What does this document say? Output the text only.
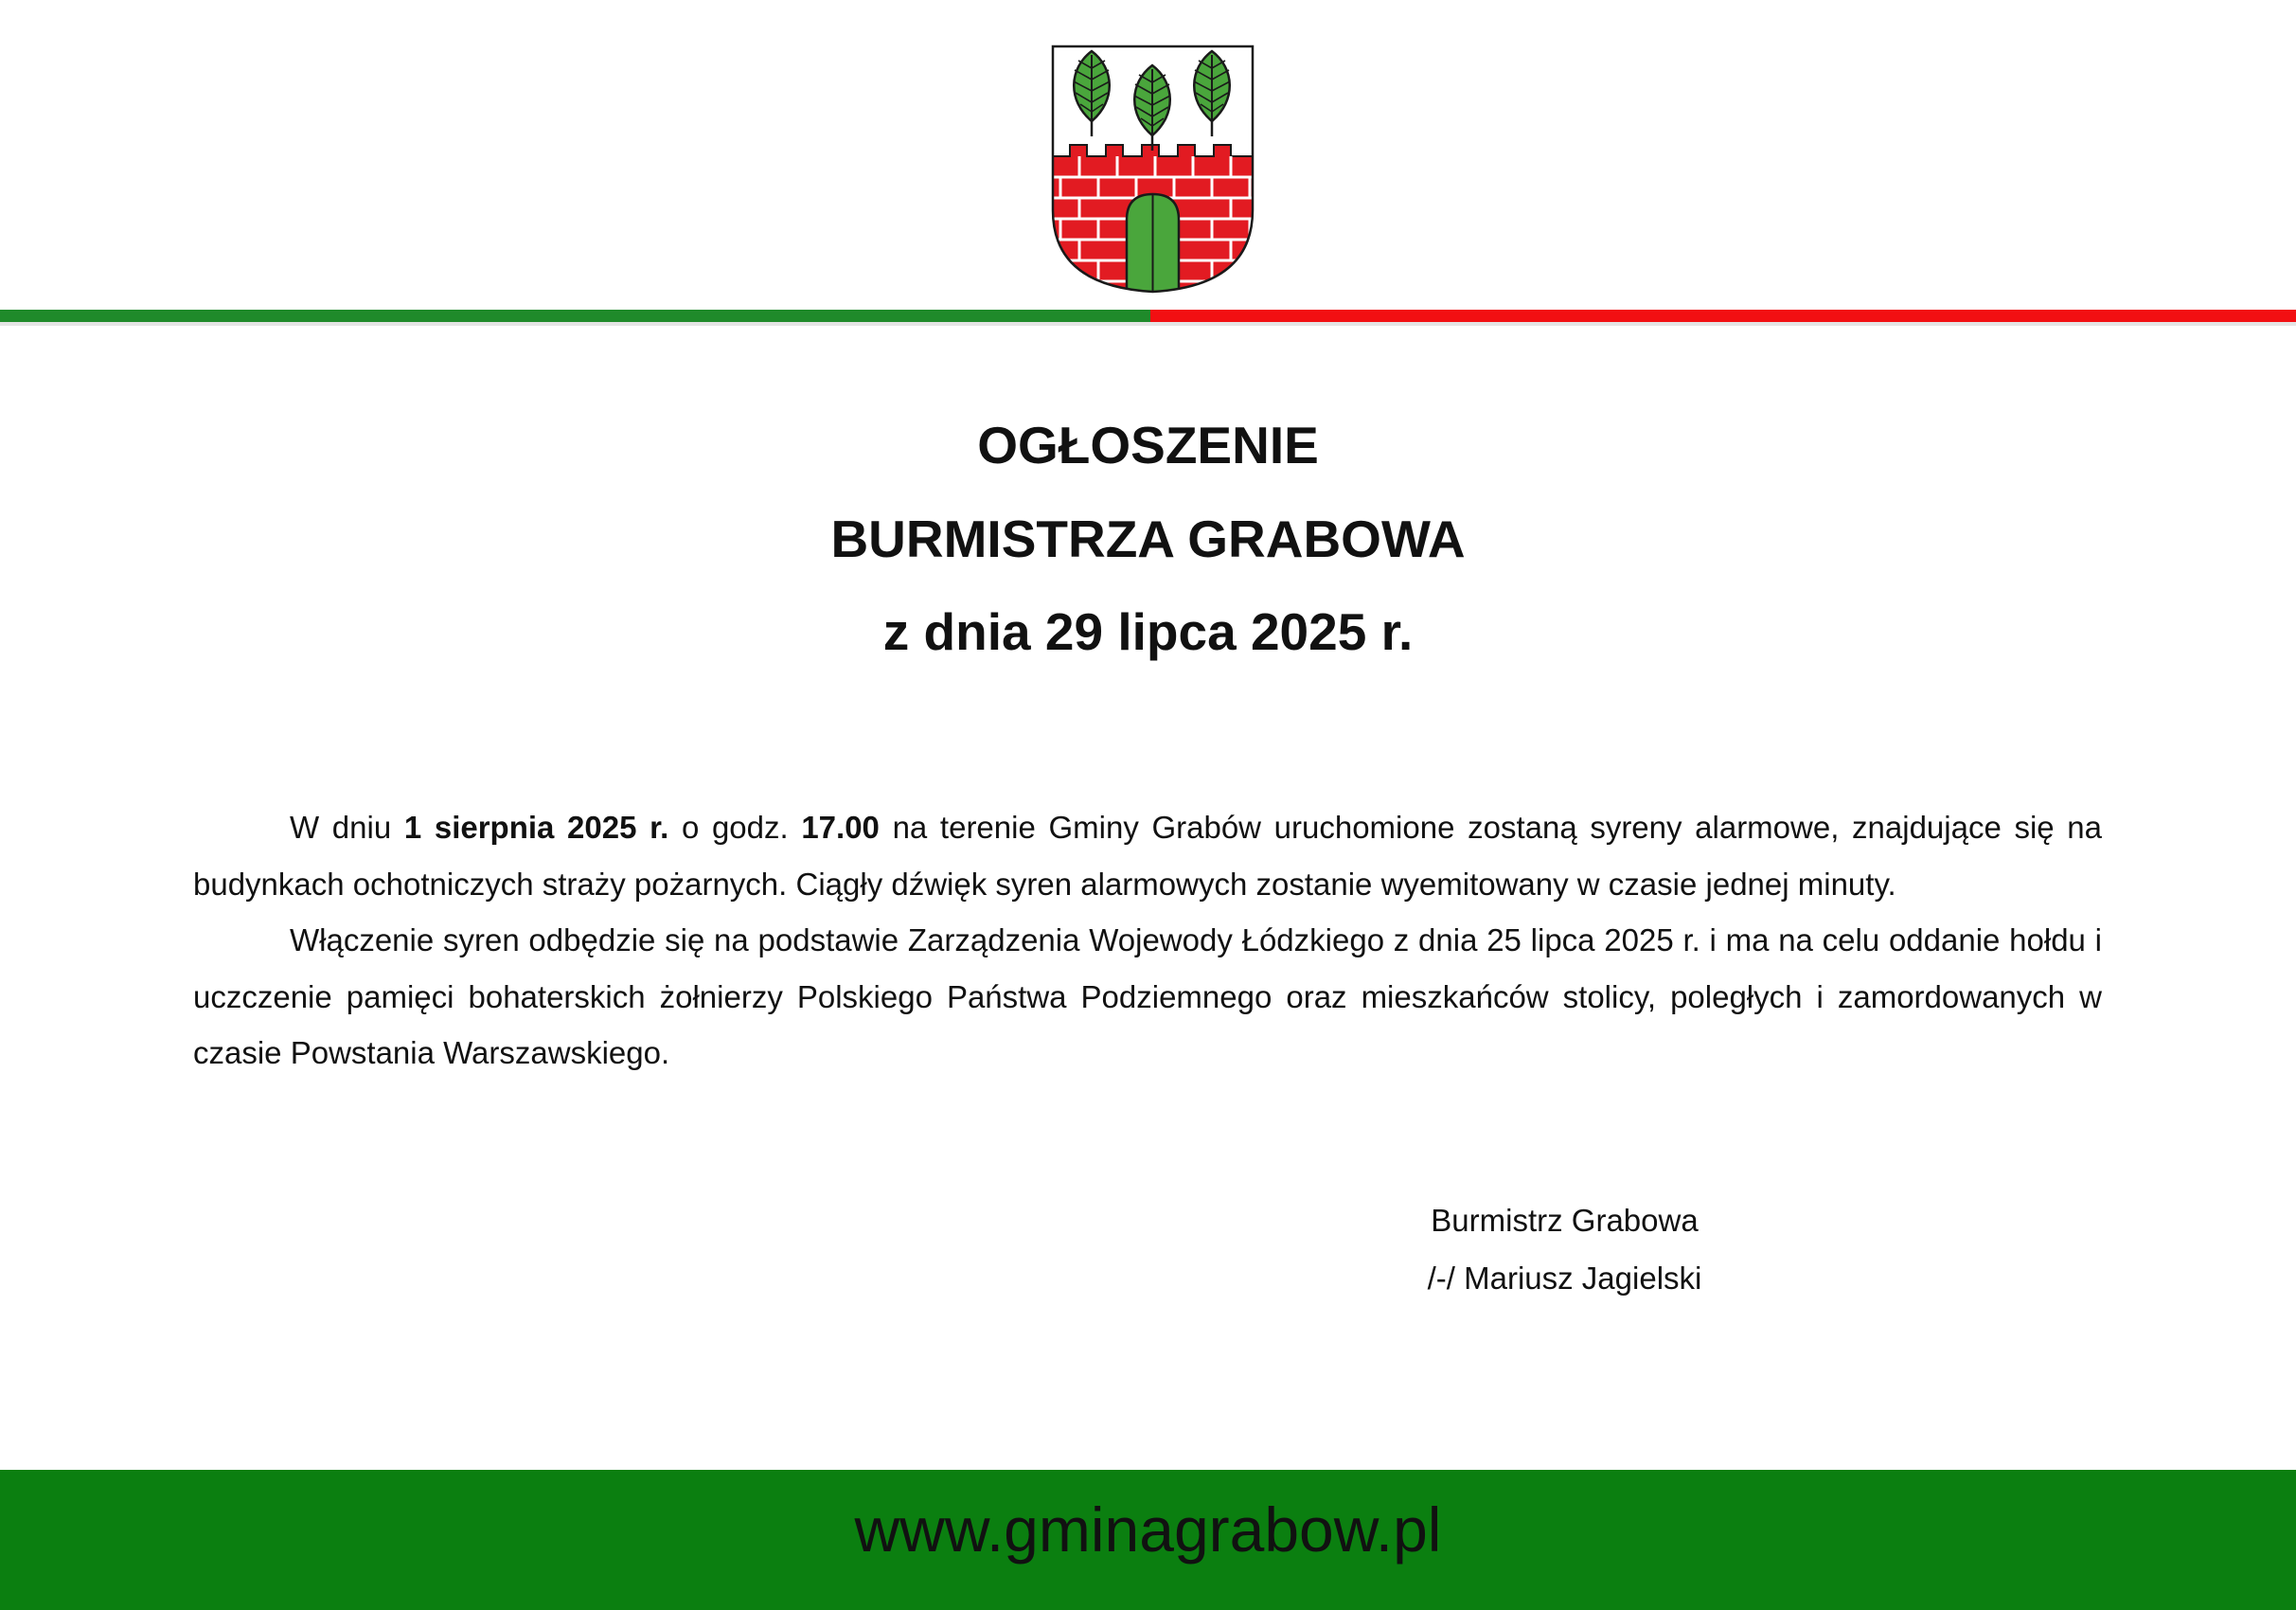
OGŁOSZENIE
BURMISTRZA GRABOWA
z dnia 29 lipca 2025 r.

W dniu 1 sierpnia 2025 r. o godz. 17.00 na terenie Gminy Grabów uruchomione zostaną syreny alarmowe, znajdujące się na budynkach ochotniczych straży pożarnych. Ciągły dźwięk syren alarmowych zostanie wyemitowany w czasie jednej minuty.

Włączenie syren odbędzie się na podstawie Zarządzenia Wojewody Łódzkiego z dnia 25 lipca 2025 r. i ma na celu oddanie hołdu i uczczenie pamięci bohaterskich żołnierzy Polskiego Państwa Podziemnego oraz mieszkańców stolicy, poległych i zamordowanych w czasie Powstania Warszawskiego.

Burmistrz Grabowa

/-/ Mariusz Jagielski

www.gminagrabow.pl
